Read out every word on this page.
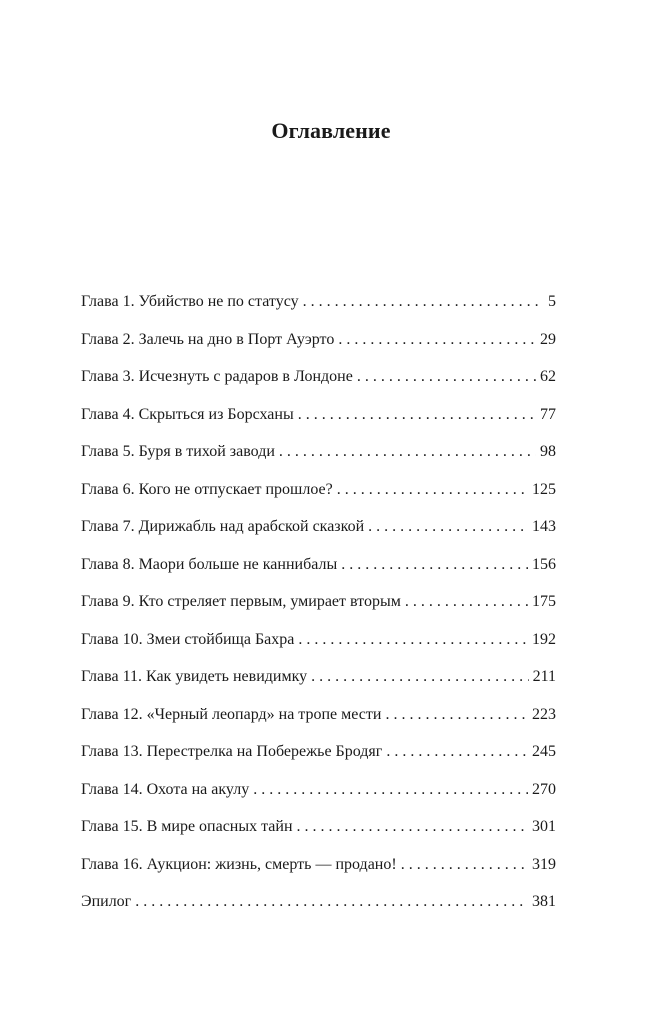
Оглавление
Глава 1. Убийство не по статусу . . .	5
Глава 2. Залечь на дно в Порт Ауэрто . . .	29
Глава 3. Исчезнуть с радаров в Лондоне . . .	62
Глава 4. Скрыться из Борсханы . . .	77
Глава 5. Буря в тихой заводи . . .	98
Глава 6. Кого не отпускает прошлое? . . .	125
Глава 7. Дирижабль над арабской сказкой . . .	143
Глава 8. Маори больше не каннибалы . . .	156
Глава 9. Кто стреляет первым, умирает вторым . . .	175
Глава 10. Змеи стойбища Бахра . . .	192
Глава 11. Как увидеть невидимку . . .	211
Глава 12. «Черный леопард» на тропе мести . . .	223
Глава 13. Перестрелка на Побережье Бродяг . . .	245
Глава 14. Охота на акулу . . .	270
Глава 15. В мире опасных тайн . . .	301
Глава 16. Аукцион: жизнь, смерть — продано! . . .	319
Эпилог . . .	381
